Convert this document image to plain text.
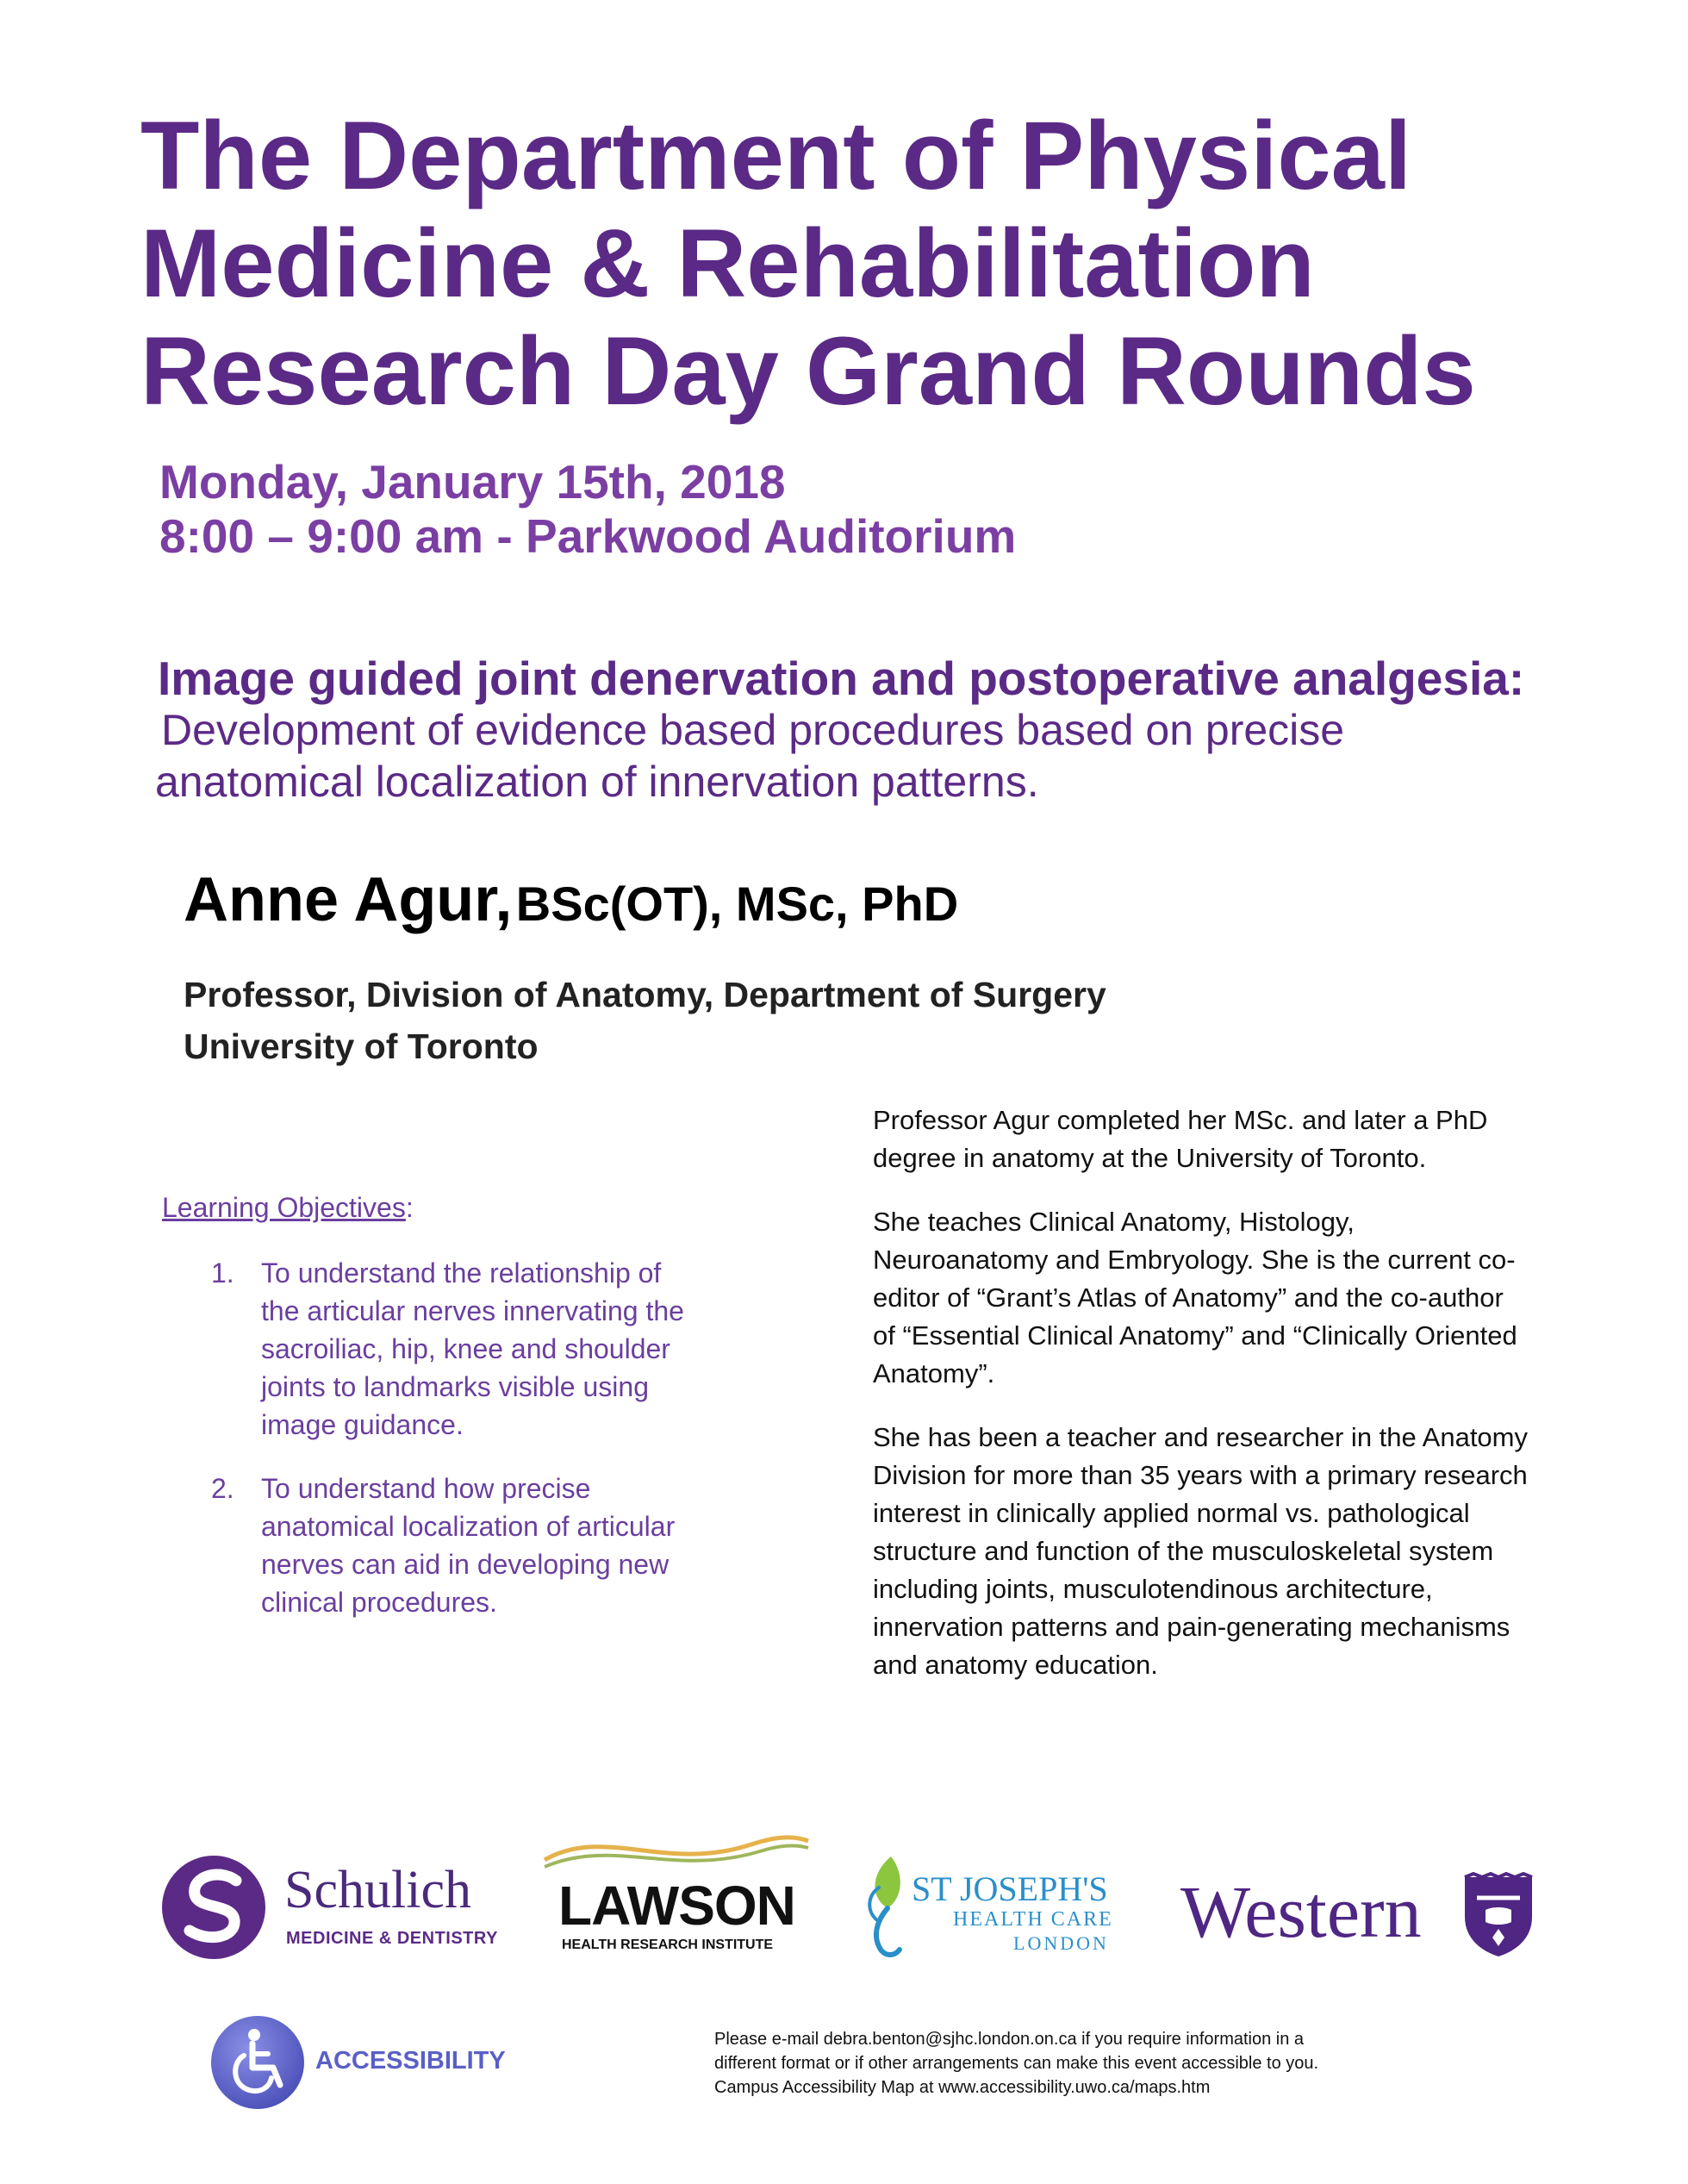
The Department of Physical
Medicine & Rehabilitation
Research Day Grand Rounds
Monday, January 15th, 2018
8:00 – 9:00 am - Parkwood Auditorium
Image guided joint denervation and postoperative analgesia:
Development of evidence based procedures based on precise
anatomical localization of innervation patterns.
Anne Agur, BSc(OT), MSc, PhD
Professor, Division of Anatomy, Department of Surgery
University of Toronto
Learning Objectives:
1. To understand the relationship of the articular nerves innervating the sacroiliac, hip, knee and shoulder joints to landmarks visible using image guidance.
2. To understand how precise anatomical localization of articular nerves can aid in developing new clinical procedures.

Professor Agur completed her MSc. and later a PhD degree in anatomy at the University of Toronto.

She teaches Clinical Anatomy, Histology, Neuroanatomy and Embryology. She is the current co-editor of “Grant’s Atlas of Anatomy” and the co-author of “Essential Clinical Anatomy” and “Clinically Oriented Anatomy”.

She has been a teacher and researcher in the Anatomy Division for more than 35 years with a primary research interest in clinically applied normal vs. pathological structure and function of the musculoskeletal system including joints, musculotendinous architecture, innervation patterns and pain-generating mechanisms and anatomy education.

Schulich
MEDICINE & DENTISTRY
LAWSON
HEALTH RESEARCH INSTITUTE
ST JOSEPH'S
HEALTH CARE
LONDON Western
ACCESSIBILITY
Please e-mail debra.benton@sjhc.london.on.ca if you require information in a
different format or if other arrangements can make this event accessible to you.
Campus Accessibility Map at www.accessibility.uwo.ca/maps.htm
